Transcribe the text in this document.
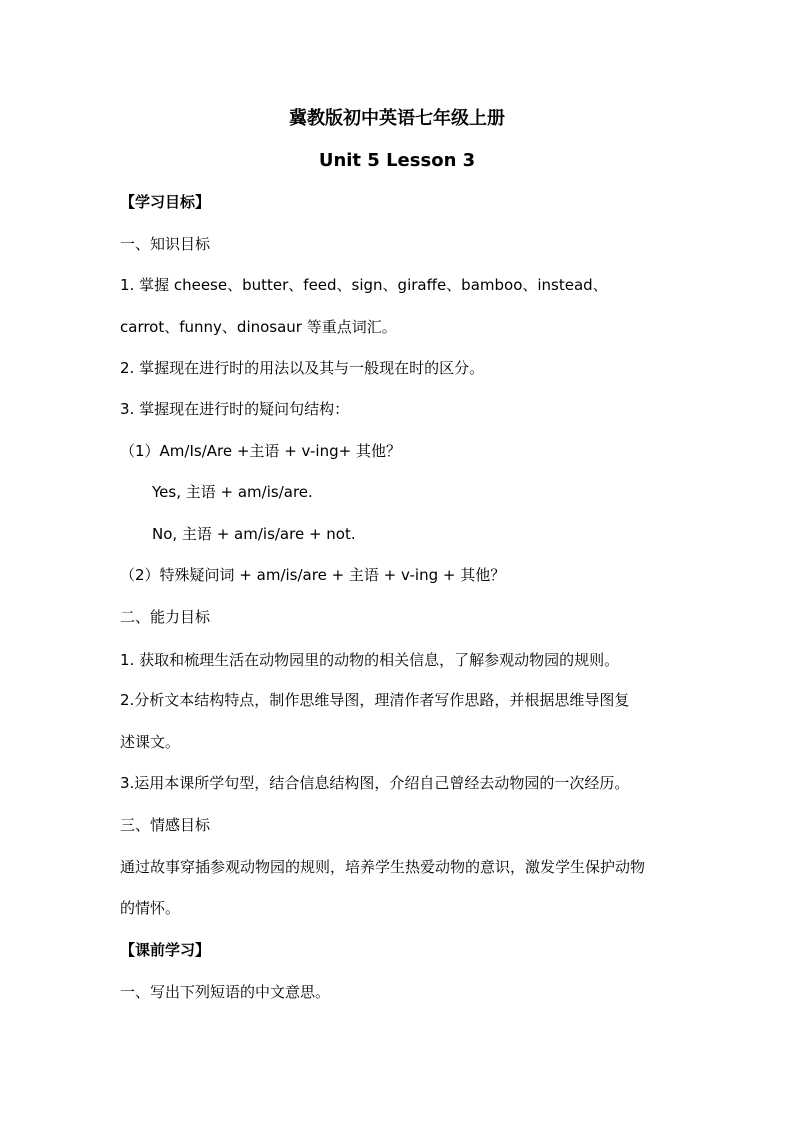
冀教版初中英语七年级上册
Unit 5 Lesson 3
【学习目标】
一、知识目标
1. 掌握 cheese、butter、feed、sign、giraffe、bamboo、instead、
carrot、funny、dinosaur 等重点词汇。
2. 掌握现在进行时的用法以及其与一般现在时的区分。
3. 掌握现在进行时的疑问句结构：
（1）Am/Is/Are +主语 + v-ing+ 其他？
Yes, 主语 + am/is/are.
No, 主语 + am/is/are + not.
（2）特殊疑问词 + am/is/are + 主语 + v-ing + 其他？
二、能力目标
1. 获取和梳理生活在动物园里的动物的相关信息，了解参观动物园的规则。
2.分析文本结构特点，制作思维导图，理清作者写作思路，并根据思维导图复
述课文。
3.运用本课所学句型，结合信息结构图，介绍自己曾经去动物园的一次经历。
三、情感目标
通过故事穿插参观动物园的规则，培养学生热爱动物的意识，激发学生保护动物
的情怀。
【课前学习】
一、写出下列短语的中文意思。
